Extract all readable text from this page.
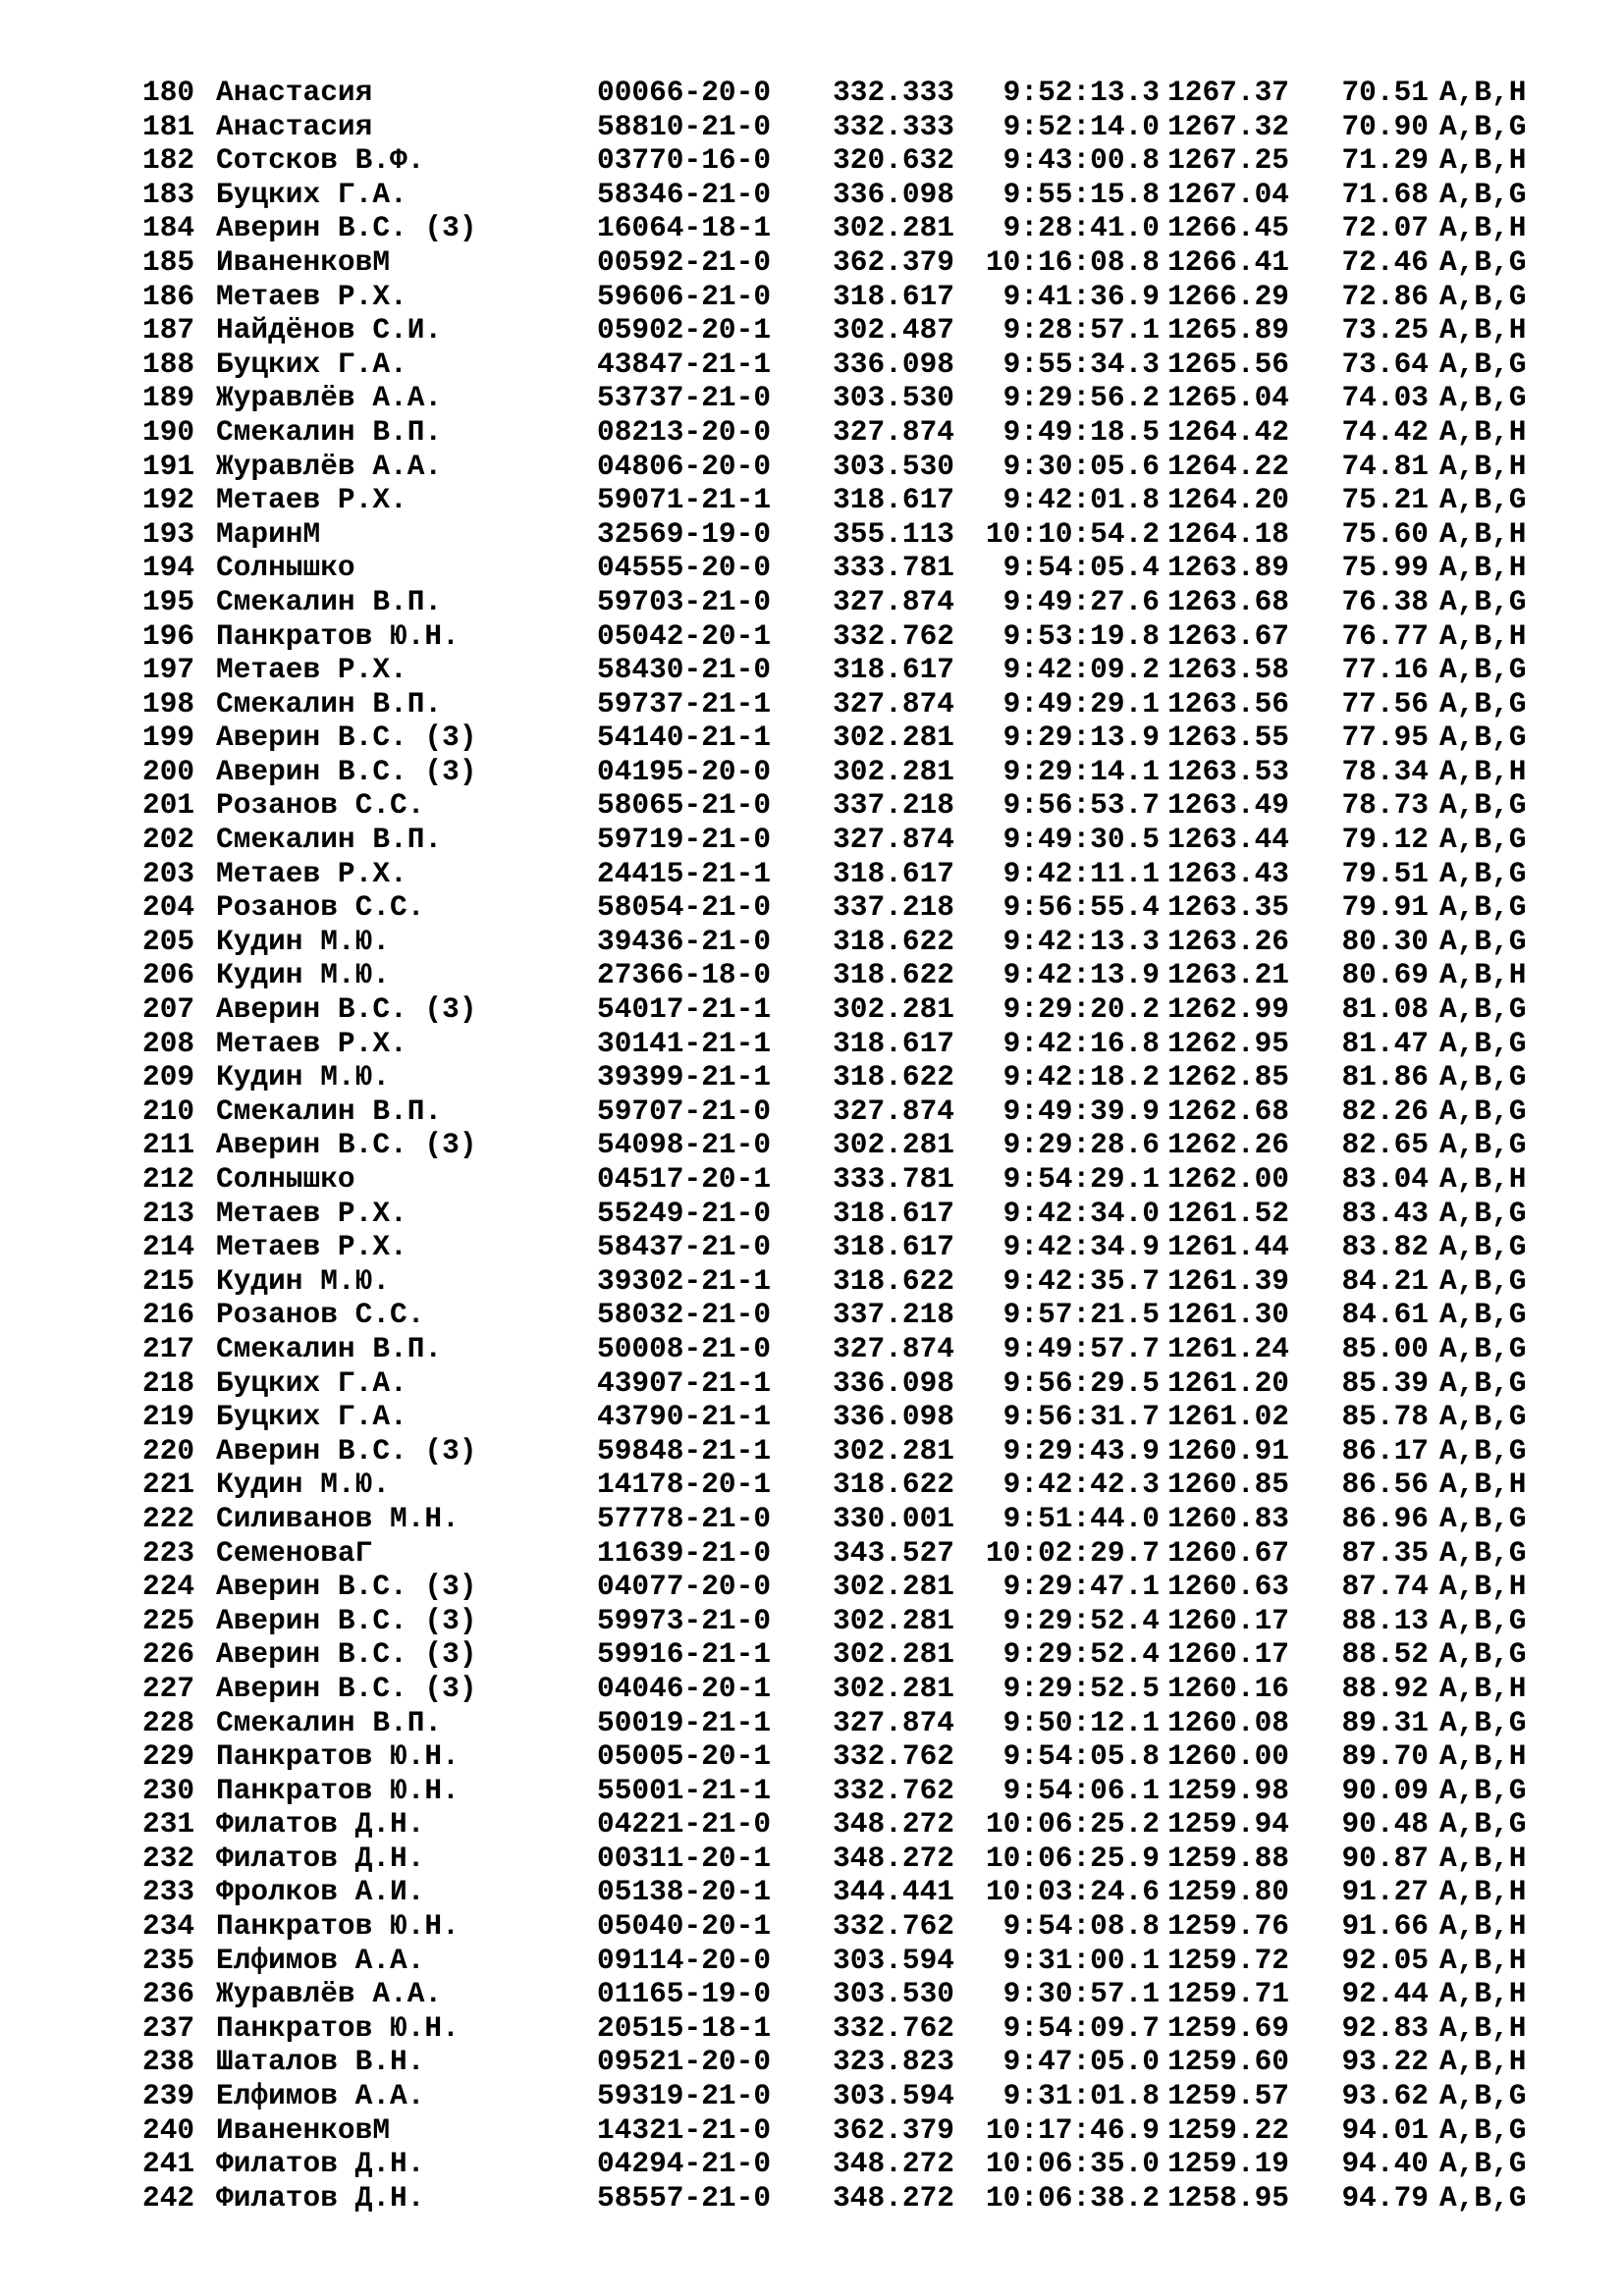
180 Анастасия	00066-20-0 332.333	9:52:13.3 1267.37 70.51 A,B,H
181 Анастасия	58810-21-0 332.333	9:52:14.0 1267.32 70.90 A,B,G
182 Сотсков В.Ф.	03770-16-0 320.632	9:43:00.8 1267.25 71.29 A,B,H
183 Буцких Г.А.	58346-21-0 336.098	9:55:15.8 1267.04 71.68 A,B,G
184 Аверин В.С. (3)	16064-18-1 302.281	9:28:41.0 1266.45 72.07 A,B,H
185 ИваненковМ	00592-21-0 362.379	10:16:08.8 1266.41 72.46 A,B,G
186 Метаев Р.Х.	59606-21-0 318.617	9:41:36.9 1266.29 72.86 A,B,G
187 Найдёнов С.И.	05902-20-1 302.487	9:28:57.1 1265.89 73.25 A,B,H
188 Буцких Г.А.	43847-21-1 336.098	9:55:34.3 1265.56 73.64 A,B,G
189 Журавлёв А.А.	53737-21-0 303.530	9:29:56.2 1265.04 74.03 A,B,G
190 Смекалин В.П.	08213-20-0 327.874	9:49:18.5 1264.42 74.42 A,B,H
191 Журавлёв А.А.	04806-20-0 303.530	9:30:05.6 1264.22 74.81 A,B,H
192 Метаев Р.Х.	59071-21-1 318.617	9:42:01.8 1264.20 75.21 A,B,G
193 МаринМ	32569-19-0 355.113	10:10:54.2 1264.18 75.60 A,B,H
194 Солнышко	04555-20-0 333.781	9:54:05.4 1263.89 75.99 A,B,H
195 Смекалин В.П.	59703-21-0 327.874	9:49:27.6 1263.68 76.38 A,B,G
196 Панкратов Ю.Н.	05042-20-1 332.762	9:53:19.8 1263.67 76.77 A,B,H
197 Метаев Р.Х.	58430-21-0 318.617	9:42:09.2 1263.58 77.16 A,B,G
198 Смекалин В.П.	59737-21-1 327.874	9:49:29.1 1263.56 77.56 A,B,G
199 Аверин В.С. (3)	54140-21-1 302.281	9:29:13.9 1263.55 77.95 A,B,G
200 Аверин В.С. (3)	04195-20-0 302.281	9:29:14.1 1263.53 78.34 A,B,H
201 Розанов С.С.	58065-21-0 337.218	9:56:53.7 1263.49 78.73 A,B,G
202 Смекалин В.П.	59719-21-0 327.874	9:49:30.5 1263.44 79.12 A,B,G
203 Метаев Р.Х.	24415-21-1 318.617	9:42:11.1 1263.43 79.51 A,B,G
204 Розанов С.С.	58054-21-0 337.218	9:56:55.4 1263.35 79.91 A,B,G
205 Кудин М.Ю.	39436-21-0 318.622	9:42:13.3 1263.26 80.30 A,B,G
206 Кудин М.Ю.	27366-18-0 318.622	9:42:13.9 1263.21 80.69 A,B,H
207 Аверин В.С. (3)	54017-21-1 302.281	9:29:20.2 1262.99 81.08 A,B,G
208 Метаев Р.Х.	30141-21-1 318.617	9:42:16.8 1262.95 81.47 A,B,G
209 Кудин М.Ю.	39399-21-1 318.622	9:42:18.2 1262.85 81.86 A,B,G
210 Смекалин В.П.	59707-21-0 327.874	9:49:39.9 1262.68 82.26 A,B,G
211 Аверин В.С. (3)	54098-21-0 302.281	9:29:28.6 1262.26 82.65 A,B,G
212 Солнышко	04517-20-1 333.781	9:54:29.1 1262.00 83.04 A,B,H
213 Метаев Р.Х.	55249-21-0 318.617	9:42:34.0 1261.52 83.43 A,B,G
214 Метаев Р.Х.	58437-21-0 318.617	9:42:34.9 1261.44 83.82 A,B,G
215 Кудин М.Ю.	39302-21-1 318.622	9:42:35.7 1261.39 84.21 A,B,G
216 Розанов С.С.	58032-21-0 337.218	9:57:21.5 1261.30 84.61 A,B,G
217 Смекалин В.П.	50008-21-0 327.874	9:49:57.7 1261.24 85.00 A,B,G
218 Буцких Г.А.	43907-21-1 336.098	9:56:29.5 1261.20 85.39 A,B,G
219 Буцких Г.А.	43790-21-1 336.098	9:56:31.7 1261.02 85.78 A,B,G
220 Аверин В.С. (3)	59848-21-1 302.281	9:29:43.9 1260.91 86.17 A,B,G
221 Кудин М.Ю.	14178-20-1 318.622	9:42:42.3 1260.85 86.56 A,B,H
222 Силиванов М.Н.	57778-21-0 330.001	9:51:44.0 1260.83 86.96 A,B,G
223 СеменоваГ	11639-21-0 343.527	10:02:29.7 1260.67 87.35 A,B,G
224 Аверин В.С. (3)	04077-20-0 302.281	9:29:47.1 1260.63 87.74 A,B,H
225 Аверин В.С. (3)	59973-21-0 302.281	9:29:52.4 1260.17 88.13 A,B,G
226 Аверин В.С. (3)	59916-21-1 302.281	9:29:52.4 1260.17 88.52 A,B,G
227 Аверин В.С. (3)	04046-20-1 302.281	9:29:52.5 1260.16 88.92 A,B,H
228 Смекалин В.П.	50019-21-1 327.874	9:50:12.1 1260.08 89.31 A,B,G
229 Панкратов Ю.Н.	05005-20-1 332.762	9:54:05.8 1260.00 89.70 A,B,H
230 Панкратов Ю.Н.	55001-21-1 332.762	9:54:06.1 1259.98 90.09 A,B,G
231 Филатов Д.Н.	04221-21-0 348.272	10:06:25.2 1259.94 90.48 A,B,G
232 Филатов Д.Н.	00311-20-1 348.272	10:06:25.9 1259.88 90.87 A,B,H
233 Фролков А.И.	05138-20-1 344.441	10:03:24.6 1259.80 91.27 A,B,H
234 Панкратов Ю.Н.	05040-20-1 332.762	9:54:08.8 1259.76 91.66 A,B,H
235 Елфимов А.А.	09114-20-0 303.594	9:31:00.1 1259.72 92.05 A,B,H
236 Журавлёв А.А.	01165-19-0 303.530	9:30:57.1 1259.71 92.44 A,B,H
237 Панкратов Ю.Н.	20515-18-1 332.762	9:54:09.7 1259.69 92.83 A,B,H
238 Шаталов В.Н.	09521-20-0 323.823	9:47:05.0 1259.60 93.22 A,B,H
239 Елфимов А.А.	59319-21-0 303.594	9:31:01.8 1259.57 93.62 A,B,G
240 ИваненковМ	14321-21-0 362.379	10:17:46.9 1259.22 94.01 A,B,G
241 Филатов Д.Н.	04294-21-0 348.272	10:06:35.0 1259.19 94.40 A,B,G
242 Филатов Д.Н.	58557-21-0 348.272	10:06:38.2 1258.95 94.79 A,B,G
